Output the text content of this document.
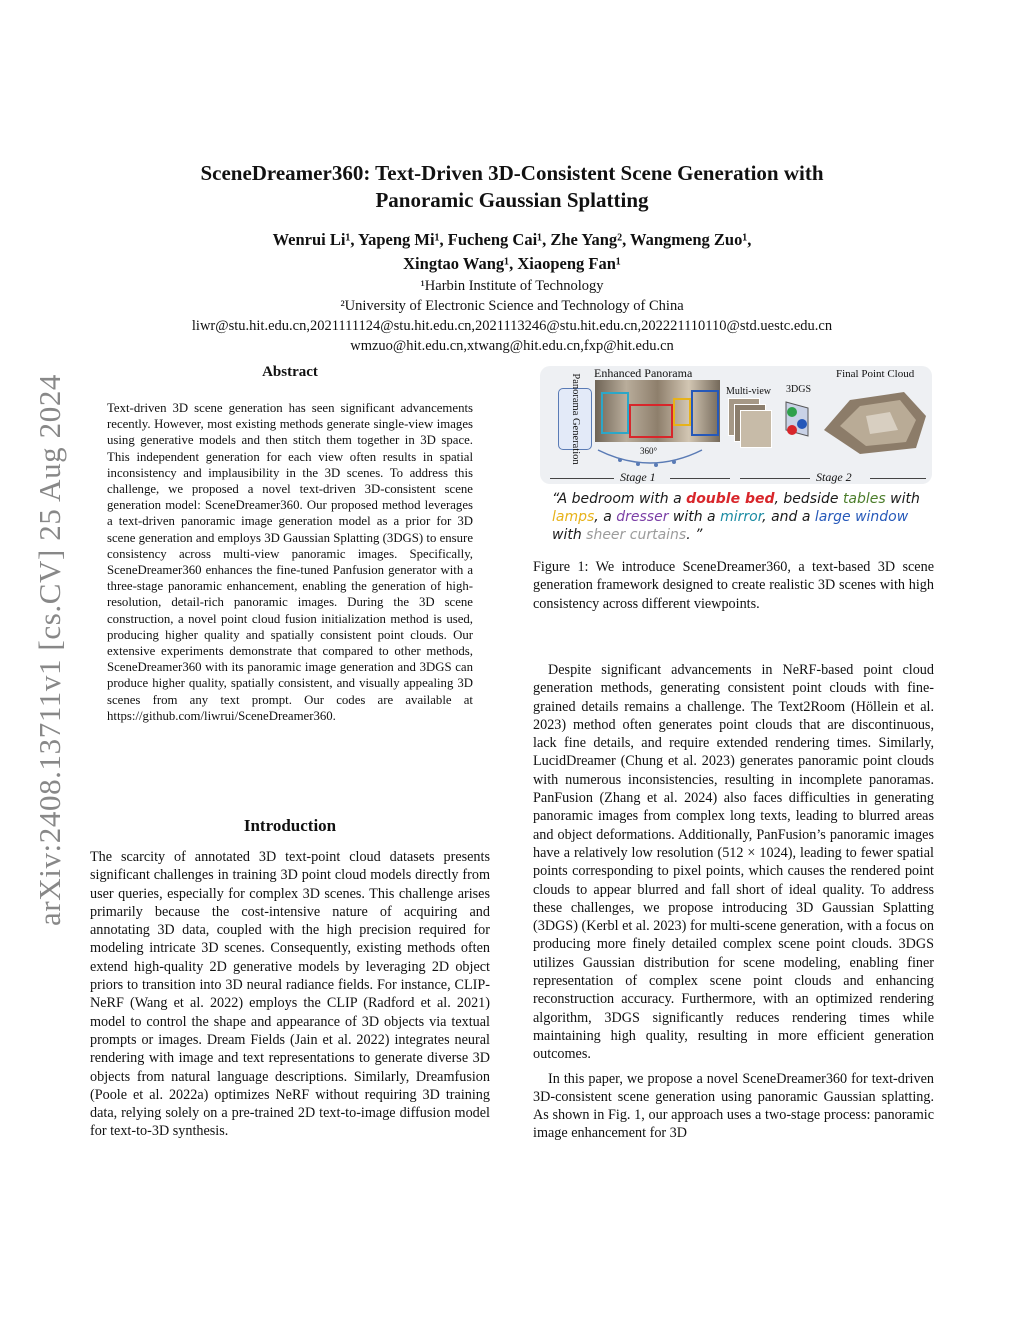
SceneDreamer360: Text-Driven 3D-Consistent Scene Generation with
Panoramic Gaussian Splatting
Wenrui Li¹, Yapeng Mi¹, Fucheng Cai¹, Zhe Yang², Wangmeng Zuo¹,
Xingtao Wang¹, Xiaopeng Fan¹
¹Harbin Institute of Technology
²University of Electronic Science and Technology of China
liwr@stu.hit.edu.cn,2021111124@stu.hit.edu.cn,2021113246@stu.hit.edu.cn,202221110110@std.uestc.edu.cn
wmzuo@hit.edu.cn,xtwang@hit.edu.cn,fxp@hit.edu.cn
arXiv:2408.13711v1 [cs.CV] 25 Aug 2024
Abstract
Text-driven 3D scene generation has seen significant advancements recently. However, most existing methods generate single-view images using generative models and then stitch them together in 3D space. This independent generation for each view often results in spatial inconsistency and implausibility in the 3D scenes. To address this challenge, we proposed a novel text-driven 3D-consistent scene generation model: SceneDreamer360. Our proposed method leverages a text-driven panoramic image generation model as a prior for 3D scene generation and employs 3D Gaussian Splatting (3DGS) to ensure consistency across multi-view panoramic images. Specifically, SceneDreamer360 enhances the fine-tuned Panfusion generator with a three-stage panoramic enhancement, enabling the generation of high-resolution, detail-rich panoramic images. During the 3D scene construction, a novel point cloud fusion initialization method is used, producing higher quality and spatially consistent point clouds. Our extensive experiments demonstrate that compared to other methods, SceneDreamer360 with its panoramic image generation and 3DGS can produce higher quality, spatially consistent, and visually appealing 3D scenes from any text prompt. Our codes are available at https://github.com/liwrui/SceneDreamer360.
Introduction

The scarcity of annotated 3D text-point cloud datasets presents significant challenges in training 3D point cloud models directly from user queries, especially for complex 3D scenes. This challenge arises primarily because the cost-intensive nature of acquiring and annotating 3D data, coupled with the high precision required for modeling intricate 3D scenes. Consequently, existing methods often extend high-quality 2D generative models by leveraging 2D object priors to transition into 3D neural radiance fields. For instance, CLIP-NeRF (Wang et al. 2022) employs the CLIP (Radford et al. 2021) model to control the shape and appearance of 3D objects via textual prompts or images. Dream Fields (Jain et al. 2022) integrates neural rendering with image and text representations to generate diverse 3D objects from natural language descriptions. Similarly, Dreamfusion (Poole et al. 2022a) optimizes NeRF without requiring 3D training data, relying solely on a pre-trained 2D text-to-image diffusion model for text-to-3D synthesis.

Enhanced Panorama	Final Point Cloud
Panorama Generation	Multi-view 3DGS
360°
Stage 1	Stage 2
“A bedroom with a double bed, bedside tables with lamps, a dresser with a mirror, and a large window with sheer curtains. ”
Figure 1: We introduce SceneDreamer360, a text-based 3D scene generation framework designed to create realistic 3D scenes with high consistency across different viewpoints.

Despite significant advancements in NeRF-based point cloud generation methods, generating consistent point clouds with fine-grained details remains a challenge. The Text2Room (Höllein et al. 2023) method often generates point clouds that are discontinuous, lack fine details, and require extended rendering times. Similarly, LucidDreamer (Chung et al. 2023) generates panoramic point clouds with numerous inconsistencies, resulting in incomplete panoramas. PanFusion (Zhang et al. 2024) also faces difficulties in generating panoramic images from complex long texts, leading to blurred areas and object deformations. Additionally, PanFusion’s panoramic images have a relatively low resolution (512 × 1024), leading to fewer spatial points corresponding to pixel points, which causes the rendered point clouds to appear blurred and fall short of ideal quality. To address these challenges, we propose introducing 3D Gaussian Splatting (3DGS) (Kerbl et al. 2023) for multi-scene generation, with a focus on producing more finely detailed complex scene point clouds. 3DGS utilizes Gaussian distribution for scene modeling, enabling finer representation of complex scene point clouds and enhancing reconstruction accuracy. Furthermore, with an optimized rendering algorithm, 3DGS significantly reduces rendering times while maintaining high quality, resulting in more efficient generation outcomes.

In this paper, we propose a novel SceneDreamer360 for text-driven 3D-consistent scene generation using panoramic Gaussian splatting. As shown in Fig. 1, our approach uses a two-stage process: panoramic image enhancement for 3D
